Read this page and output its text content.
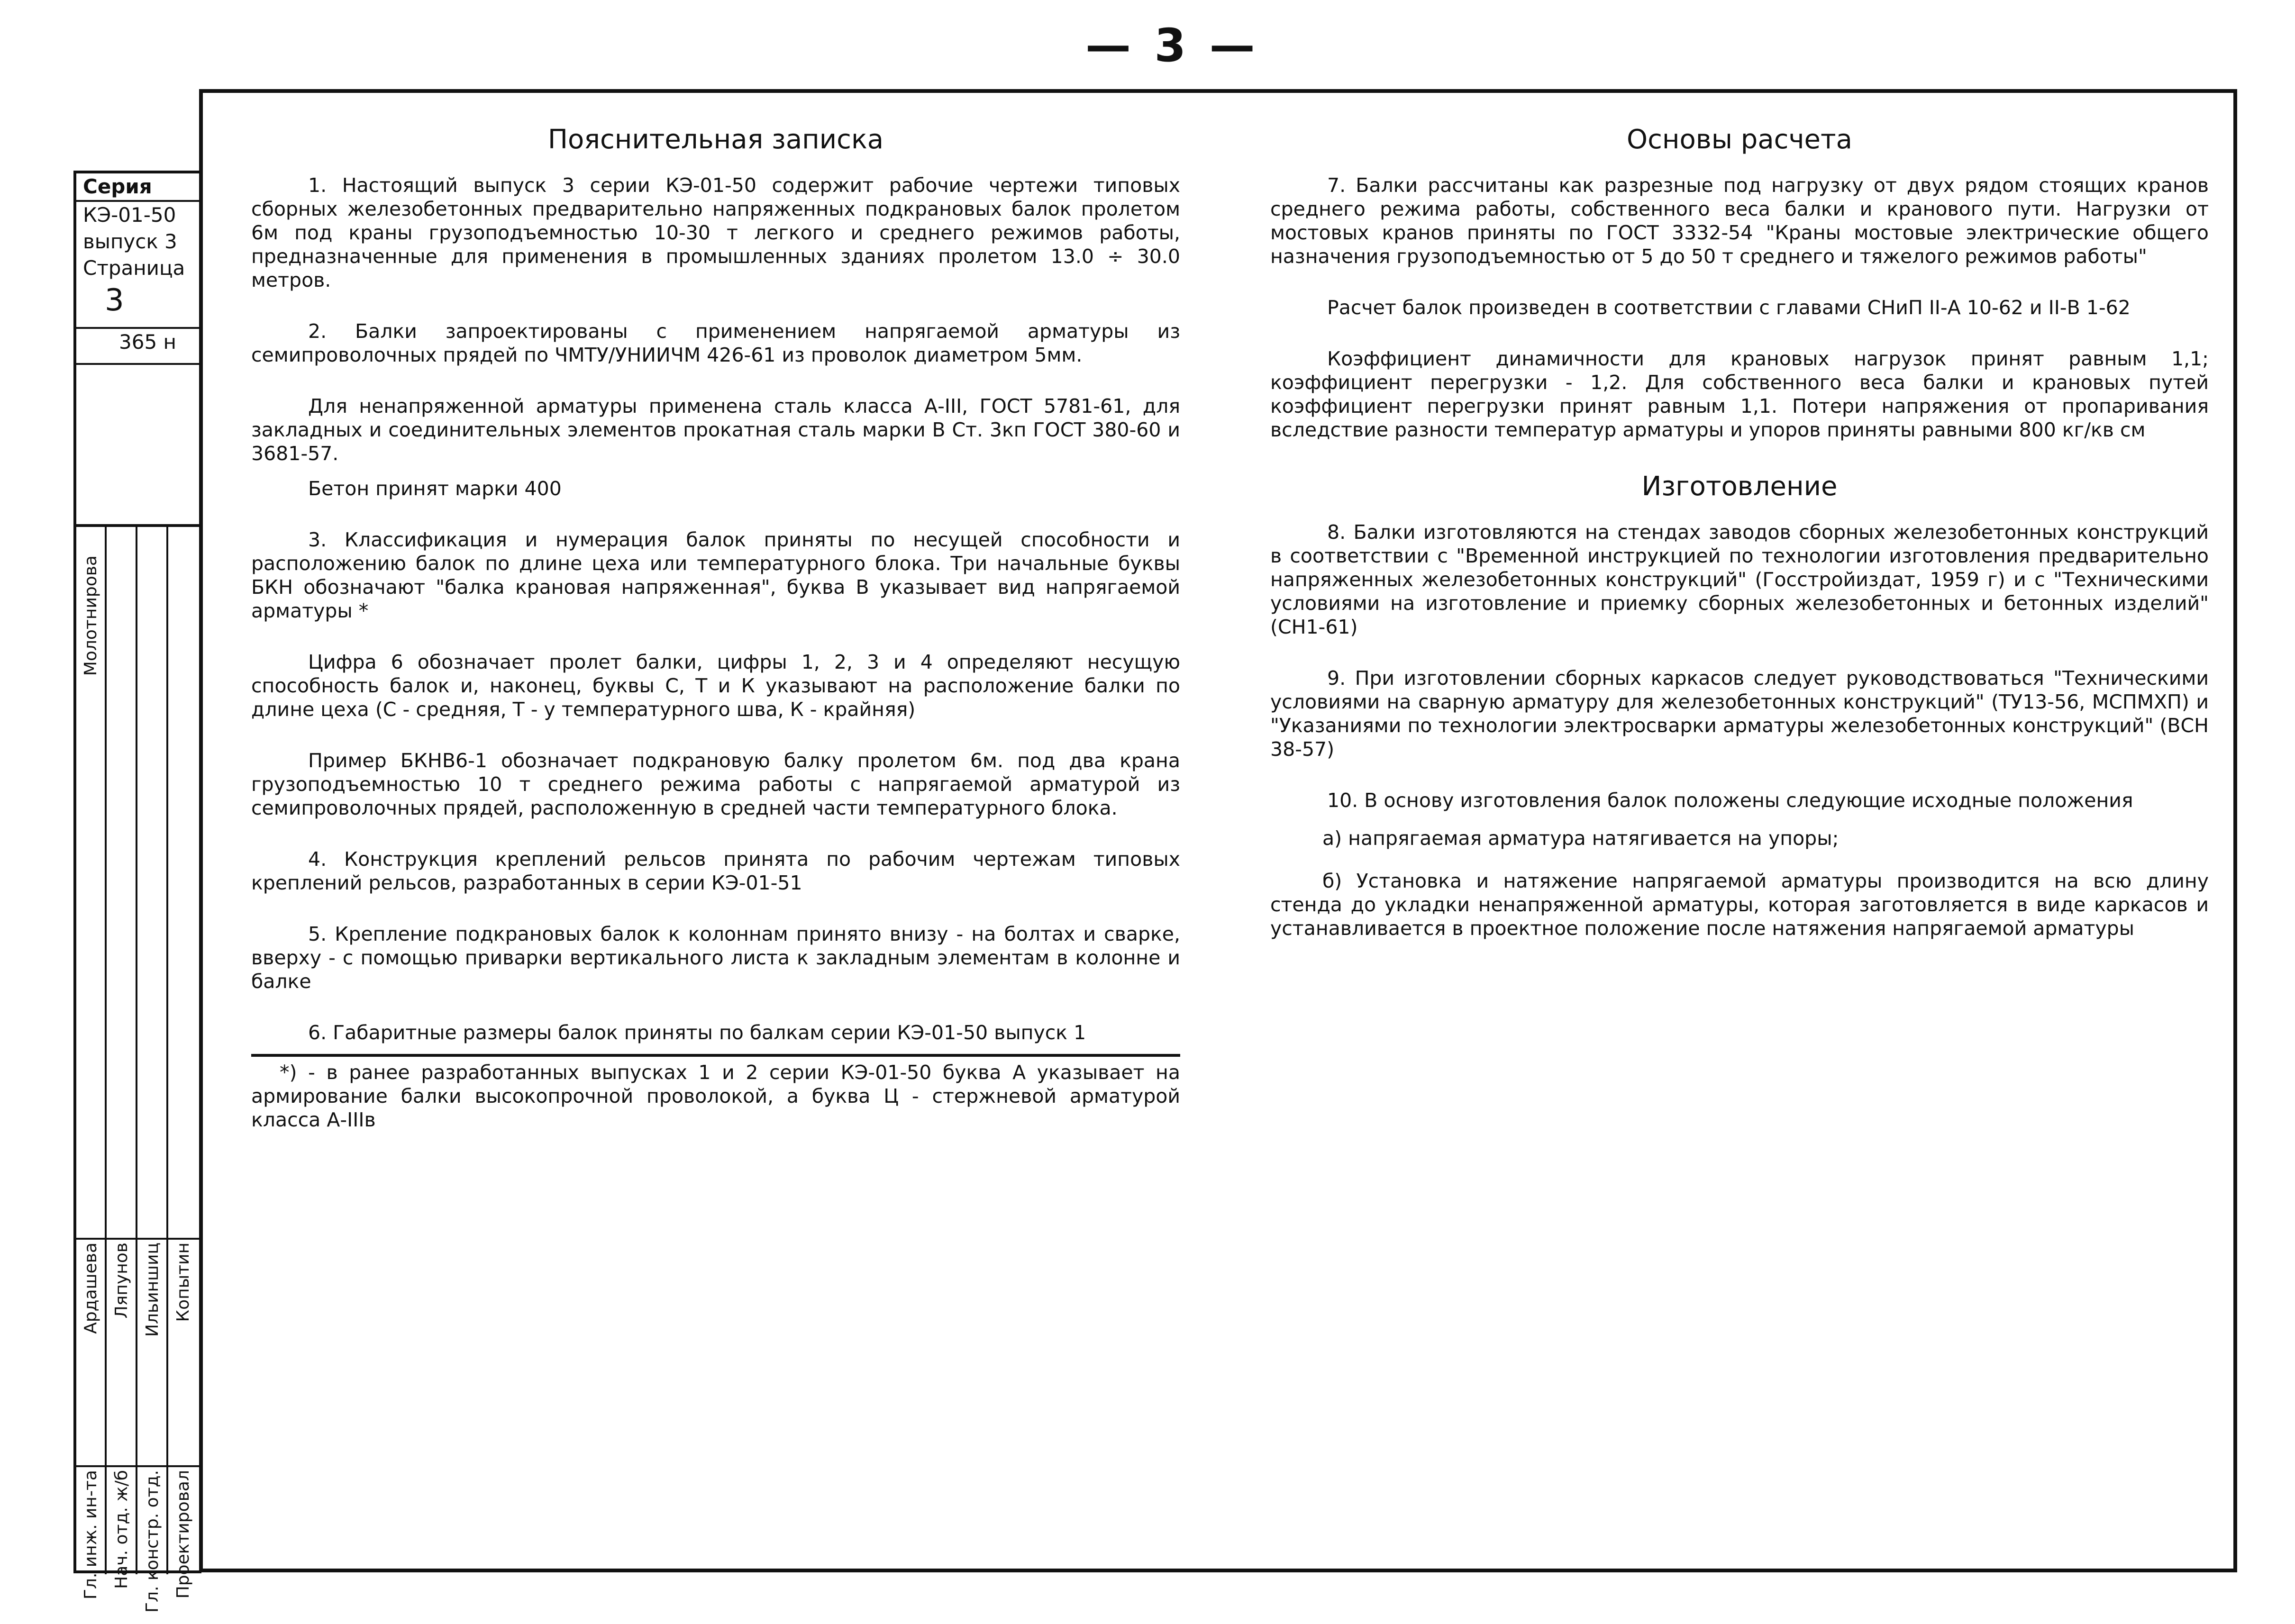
— 3 —
Серия
КЭ-01-50
выпуск 3
Страница
3
365 н
Гл. инж. ин-та Нач. отд. ж/б Гл. констр. отд. Проектировал
Копытин
Ильиншиц
Ляпунов
Ардашева
Молотнирова
Пояснительная записка

1. Настоящий выпуск 3 серии КЭ-01-50 содержит рабочие чертежи типовых сборных железобетонных предварительно напряженных подкрановых балок пролетом 6м под краны грузоподъемностью 10-30 т легкого и среднего режимов работы, предназначенные для применения в промышленных зданиях пролетом 13.0 ÷ 30.0 метров.

2. Балки запроектированы с применением напрягаемой арматуры из семипроволочных прядей по ЧМТУ/УНИИЧМ 426-61 из проволок диаметром 5мм.

Для ненапряженной арматуры применена сталь класса А-III, ГОСТ 5781-61, для закладных и соединительных элементов прокатная сталь марки В Ст. 3кп ГОСТ 380-60 и 3681-57.

Бетон принят марки 400

3. Классификация и нумерация балок приняты по несущей способности и расположению балок по длине цеха или температурного блока. Три начальные буквы БКН обозначают "балка крановая напряженная", буква В указывает вид напрягаемой арматуры *

Цифра 6 обозначает пролет балки, цифры 1, 2, 3 и 4 определяют несущую способность балок и, наконец, буквы С, Т и К указывают на расположение балки по длине цеха (С - средняя, Т - у температурного шва, К - крайняя)

Пример БКНВ6-1 обозначает подкрановую балку пролетом 6м. под два крана грузоподъемностью 10 т среднего режима работы с напрягаемой арматурой из семипроволочных прядей, расположенную в средней части температурного блока.

4. Конструкция креплений рельсов принята по рабочим чертежам типовых креплений рельсов, разработанных в серии КЭ-01-51

5. Крепление подкрановых балок к колоннам принято внизу - на болтах и сварке, вверху - с помощью приварки вертикального листа к закладным элементам в колонне и балке

6. Габаритные размеры балок приняты по балкам серии КЭ-01-50 выпуск 1

*) - в ранее разработанных выпусках 1 и 2 серии КЭ-01-50 буква А указывает на армирование балки высокопрочной проволокой, а буква Ц - стержневой арматурой класса А-IIIв

Основы расчета

7. Балки рассчитаны как разрезные под нагрузку от двух рядом стоящих кранов среднего режима работы, собственного веса балки и кранового пути. Нагрузки от мостовых кранов приняты по ГОСТ 3332-54 "Краны мостовые электрические общего назначения грузоподъемностью от 5 до 50 т среднего и тяжелого режимов работы"

Расчет балок произведен в соответствии с главами СНиП II-А 10-62 и II-В 1-62

Коэффициент динамичности для крановых нагрузок принят равным 1,1; коэффициент перегрузки - 1,2. Для собственного веса балки и крановых путей коэффициент перегрузки принят равным 1,1. Потери напряжения от пропаривания вследствие разности температур арматуры и упоров приняты равными 800 кг/кв см

Изготовление

8. Балки изготовляются на стендах заводов сборных железобетонных конструкций в соответствии с "Временной инструкцией по технологии изготовления предварительно напряженных железобетонных конструкций" (Госстройиздат, 1959 г) и с "Техническими условиями на изготовление и приемку сборных железобетонных и бетонных изделий" (СН1-61)

9. При изготовлении сборных каркасов следует руководствоваться "Техническими условиями на сварную арматуру для железобетонных конструкций" (ТУ13-56, МСПМХП) и "Указаниями по технологии электросварки арматуры железобетонных конструкций" (ВСН 38-57)

10. В основу изготовления балок положены следующие исходные положения

а) напрягаемая арматура натягивается на упоры;

б) Установка и натяжение напрягаемой арматуры производится на всю длину стенда до укладки ненапряженной арматуры, которая заготовляется в виде каркасов и устанавливается в проектное положение после натяжения напрягаемой арматуры
